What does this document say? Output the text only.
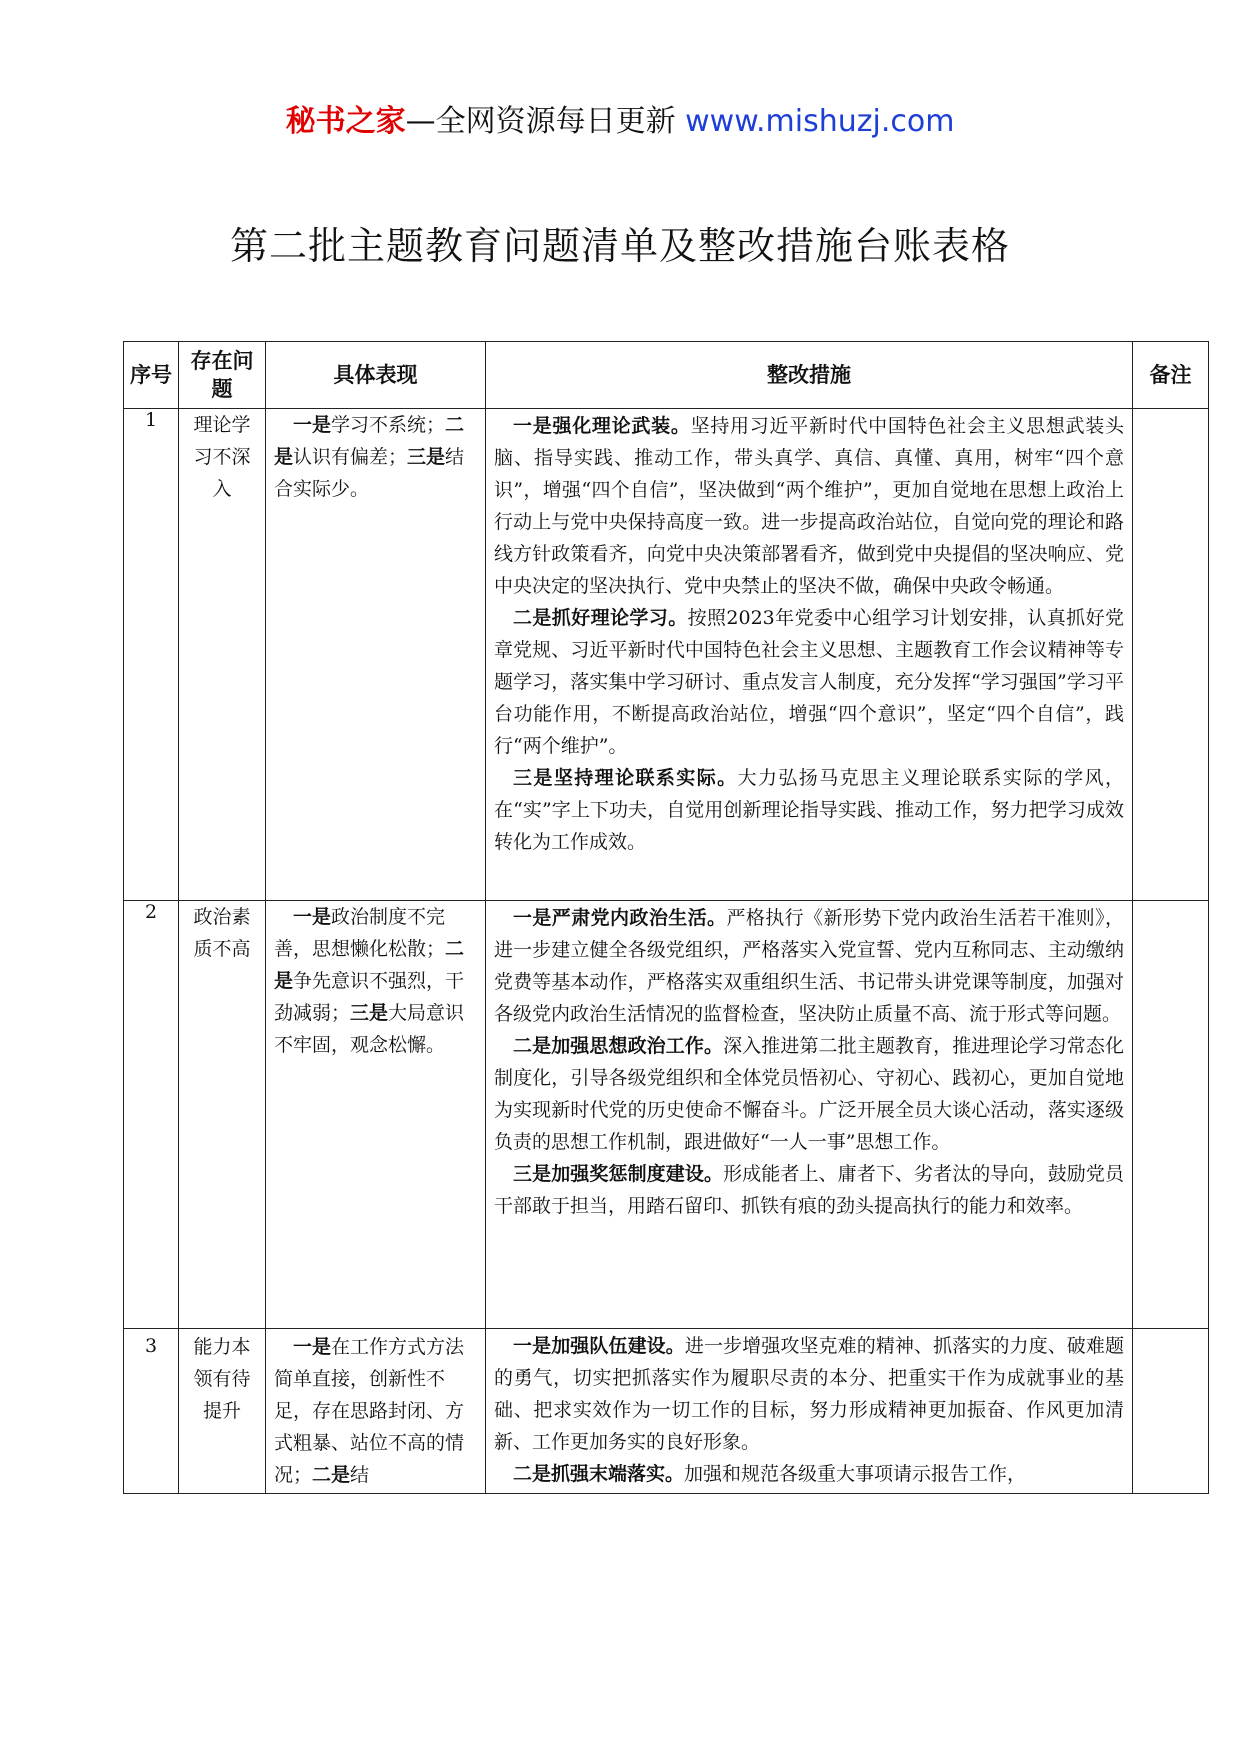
秘书之家—全网资源每日更新 www.mishuzj.com
第二批主题教育问题清单及整改措施台账表格
序号	存在问题	具体表现	整改措施	备注
1	理论学习不深入	一是学习不系统；二是认识有偏差；三是结合实际少。	一是强化理论武装。坚持用习近平新时代中国特色社会主义思想武装头脑、指导实践、推动工作，带头真学、真信、真懂、真用，树牢“四个意识”，增强“四个自信”，坚决做到“两个维护”，更加自觉地在思想上政治上行动上与党中央保持高度一致。进一步提高政治站位，自觉向党的理论和路线方针政策看齐，向党中央决策部署看齐，做到党中央提倡的坚决响应、党中央决定的坚决执行、党中央禁止的坚决不做，确保中央政令畅通。

二是抓好理论学习。按照2023年党委中心组学习计划安排，认真抓好党章党规、习近平新时代中国特色社会主义思想、主题教育工作会议精神等专题学习，落实集中学习研讨、重点发言人制度，充分发挥“学习强国”学习平台功能作用，不断提高政治站位，增强“四个意识”，坚定“四个自信”，践行“两个维护”。

三是坚持理论联系实际。大力弘扬马克思主义理论联系实际的学风，在“实”字上下功夫，自觉用创新理论指导实践、推动工作，努力把学习成效转化为工作成效。	

2	政治素质不高	一是政治制度不完善，思想懒化松散；二是争先意识不强烈，干劲减弱；三是大局意识不牢固，观念松懈。	一是严肃党内政治生活。严格执行《新形势下党内政治生活若干准则》，进一步建立健全各级党组织，严格落实入党宣誓、党内互称同志、主动缴纳党费等基本动作，严格落实双重组织生活、书记带头讲党课等制度，加强对各级党内政治生活情况的监督检查，坚决防止质量不高、流于形式等问题。

二是加强思想政治工作。深入推进第二批主题教育，推进理论学习常态化制度化，引导各级党组织和全体党员悟初心、守初心、践初心，更加自觉地为实现新时代党的历史使命不懈奋斗。广泛开展全员大谈心活动，落实逐级负责的思想工作机制，跟进做好“一人一事”思想工作。

三是加强奖惩制度建设。形成能者上、庸者下、劣者汰的导向，鼓励党员干部敢于担当，用踏石留印、抓铁有痕的劲头提高执行的能力和效率。	

3	能力本领有待提升	一是在工作方式方法简单直接，创新性不足，存在思路封闭、方式粗暴、站位不高的情况；二是结	一是加强队伍建设。进一步增强攻坚克难的精神、抓落实的力度、破难题的勇气，切实把抓落实作为履职尽责的本分、把重实干作为成就事业的基础、把求实效作为一切工作的目标，努力形成精神更加振奋、作风更加清新、工作更加务实的良好形象。

二是抓强末端落实。加强和规范各级重大事项请示报告工作，	
